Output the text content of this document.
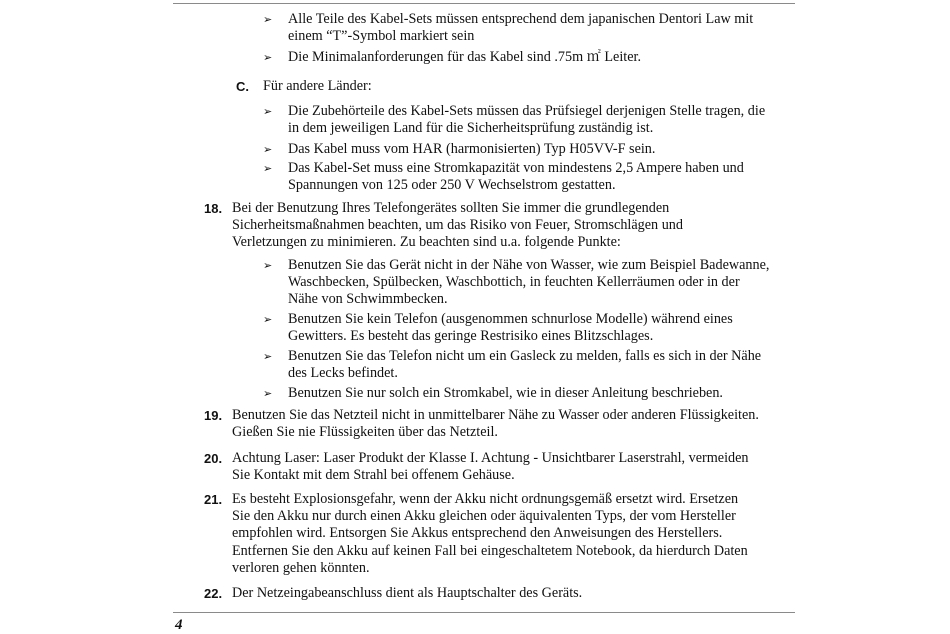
➢ Alle Teile des Kabel-Sets müssen entsprechend dem japanischen Dentori Law mit
einem “T”-Symbol markiert sein
➢ Die Minimalanforderungen für das Kabel sind .75m ㎡ Leiter.
C. Für andere Länder:
➢ Die Zubehörteile des Kabel-Sets müssen das Prüfsiegel derjenigen Stelle tragen, die
in dem jeweiligen Land für die Sicherheitsprüfung zuständig ist.
➢ Das Kabel muss vom HAR (harmonisierten) Typ H05VV-F sein.
➢ Das Kabel-Set muss eine Stromkapazität von mindestens 2,5 Ampere haben und
Spannungen von 125 oder 250 V Wechselstrom gestatten.
18. Bei der Benutzung Ihres Telefongerätes sollten Sie immer die grundlegenden
Sicherheitsmaßnahmen beachten, um das Risiko von Feuer, Stromschlägen und
Verletzungen zu minimieren. Zu beachten sind u.a. folgende Punkte:
➢ Benutzen Sie das Gerät nicht in der Nähe von Wasser, wie zum Beispiel Badewanne,
Waschbecken, Spülbecken, Waschbottich, in feuchten Kellerräumen oder in der
Nähe von Schwimmbecken.
➢ Benutzen Sie kein Telefon (ausgenommen schnurlose Modelle) während eines
Gewitters. Es besteht das geringe Restrisiko eines Blitzschlages.
➢ Benutzen Sie das Telefon nicht um ein Gasleck zu melden, falls es sich in der Nähe
des Lecks befindet.
➢ Benutzen Sie nur solch ein Stromkabel, wie in dieser Anleitung beschrieben.
19. Benutzen Sie das Netzteil nicht in unmittelbarer Nähe zu Wasser oder anderen Flüssigkeiten.
Gießen Sie nie Flüssigkeiten über das Netzteil.
20. Achtung Laser: Laser Produkt der Klasse I. Achtung - Unsichtbarer Laserstrahl, vermeiden
Sie Kontakt mit dem Strahl bei offenem Gehäuse.
21. Es besteht Explosionsgefahr, wenn der Akku nicht ordnungsgemäß ersetzt wird. Ersetzen
Sie den Akku nur durch einen Akku gleichen oder äquivalenten Typs, der vom Hersteller
empfohlen wird. Entsorgen Sie Akkus entsprechend den Anweisungen des Herstellers.
Entfernen Sie den Akku auf keinen Fall bei eingeschaltetem Notebook, da hierdurch Daten
verloren gehen könnten.
22. Der Netzeingabeanschluss dient als Hauptschalter des Geräts.
4
